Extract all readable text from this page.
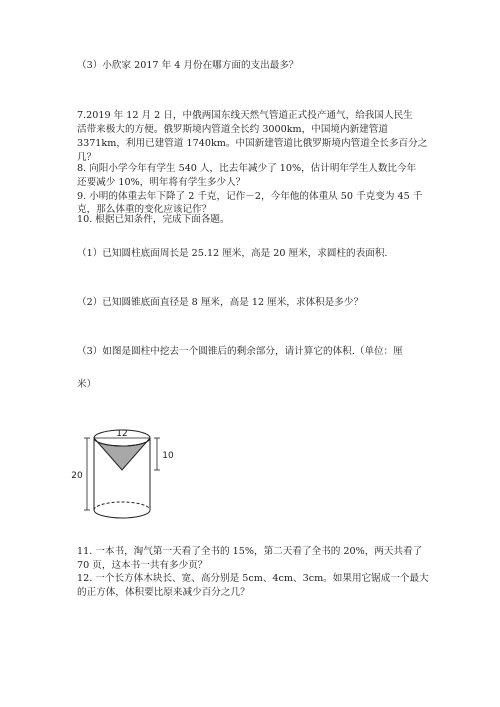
（3）小欣家 2017 年 4 月份在哪方面的支出最多？

7.2019 年 12 月 2 日，中俄两国东线天然气管道正式投产通气，给我国人民生

活带来极大的方便。俄罗斯境内管道全长约 3000km，中国境内新建管道

3371km，利用已建管道 1740km。中国新建管道比俄罗斯境内管道全长多百分之

几？

8. 向阳小学今年有学生 540 人，比去年减少了 10%，估计明年学生人数比今年

还要减少 10%，明年将有学生多少人？

9. 小明的体重去年下降了 2 千克，记作－2，今年他的体重从 50 千克变为 45 千

克，那么体重的变化应该记作？

10. 根据已知条件，完成下面各题。

（1）已知圆柱底面周长是 25.12 厘米，高是 20 厘米，求圆柱的表面积.

（2）已知圆锥底面直径是 8 厘米，高是 12 厘米，求体积是多少？

（3）如图是圆柱中挖去一个圆锥后的剩余部分，请计算它的体积.（单位：厘

米）

12
20
10

11. 一本书，淘气第一天看了全书的 15%，第二天看了全书的 20%，两天共看了

70 页，这本书一共有多少页？

12. 一个长方体木块长、宽、高分别是 5cm、4cm、3cm。如果用它锯成一个最大

的正方体，体积要比原来减少百分之几？
